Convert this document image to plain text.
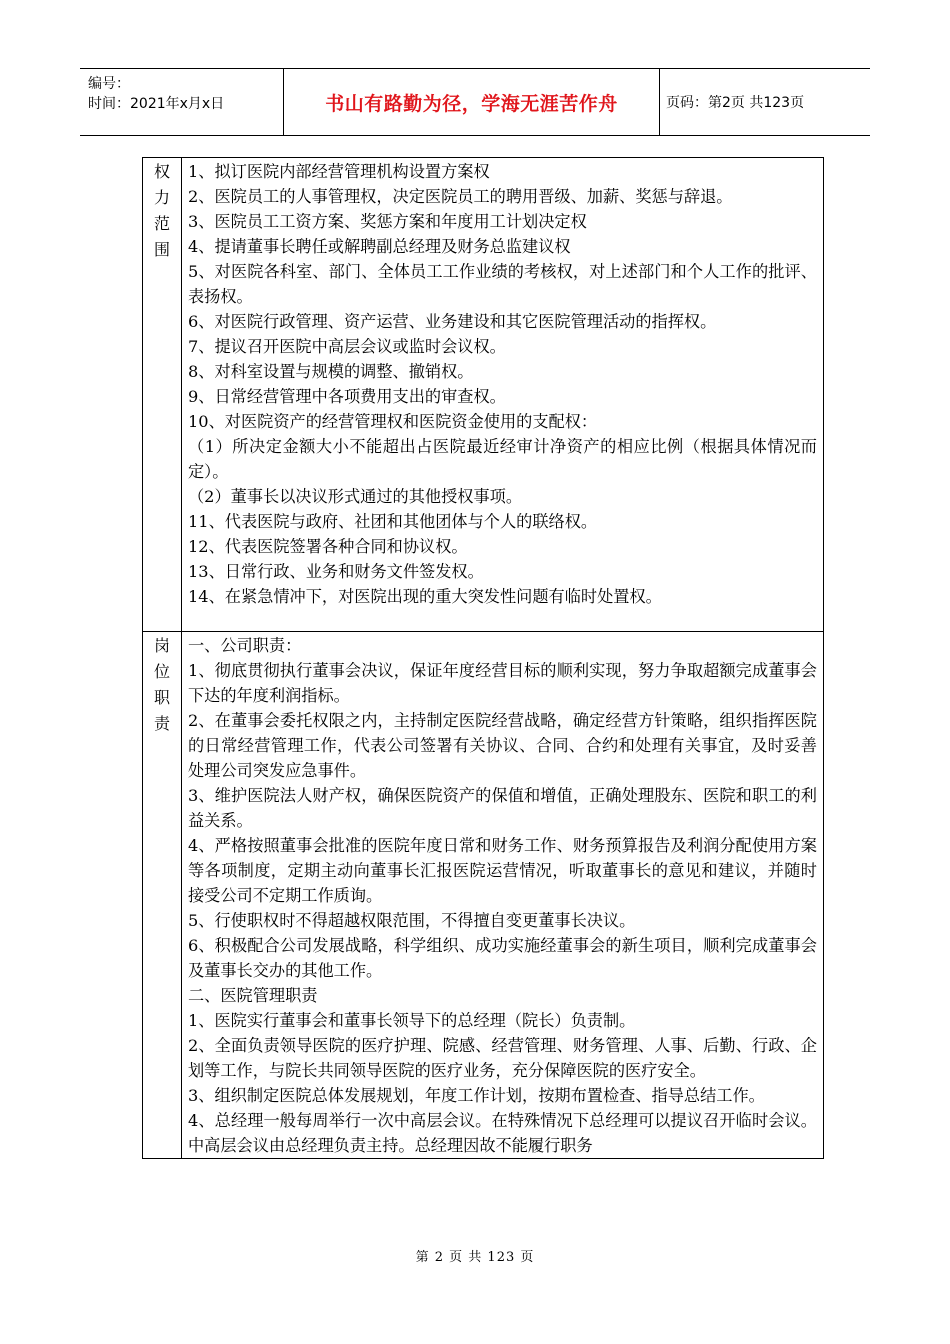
编号：
时间：2021年x月x日	书山有路勤为径，学海无涯苦作舟	页码：第2页 共123页
权
力
范
围

1、拟订医院内部经营管理机构设置方案权

2、医院员工的人事管理权，决定医院员工的聘用晋级、加薪、奖惩与辞退。

3、医院员工工资方案、奖惩方案和年度用工计划决定权

4、提请董事长聘任或解聘副总经理及财务总监建议权

5、对医院各科室、部门、全体员工工作业绩的考核权，对上述部门和个人工作的批评、表扬权。

6、对医院行政管理、资产运营、业务建设和其它医院管理活动的指挥权。

7、提议召开医院中高层会议或监时会议权。

8、对科室设置与规模的调整、撤销权。

9、日常经营管理中各项费用支出的审查权。

10、对医院资产的经营管理权和医院资金使用的支配权：

（1）所决定金额大小不能超出占医院最近经审计净资产的相应比例（根据具体情况而定）。

（2）董事长以决议形式通过的其他授权事项。

11、代表医院与政府、社团和其他团体与个人的联络权。

12、代表医院签署各种合同和协议权。

13、日常行政、业务和财务文件签发权。

14、在紧急情冲下，对医院出现的重大突发性问题有临时处置权。

岗
位
职
责

一、公司职责：

1、彻底贯彻执行董事会决议，保证年度经营目标的顺利实现，努力争取超额完成董事会下达的年度利润指标。

2、在董事会委托权限之内，主持制定医院经营战略，确定经营方针策略，组织指挥医院的日常经营管理工作，代表公司签署有关协议、合同、合约和处理有关事宜，及时妥善处理公司突发应急事件。

3、维护医院法人财产权，确保医院资产的保值和增值，正确处理股东、医院和职工的利益关系。

4、严格按照董事会批准的医院年度日常和财务工作、财务预算报告及利润分配使用方案等各项制度，定期主动向董事长汇报医院运营情况，听取董事长的意见和建议，并随时接受公司不定期工作质询。

5、行使职权时不得超越权限范围，不得擅自变更董事长决议。

6、积极配合公司发展战略，科学组织、成功实施经董事会的新生项目，顺利完成董事会及董事长交办的其他工作。

二、医院管理职责

1、医院实行董事会和董事长领导下的总经理（院长）负责制。

2、全面负责领导医院的医疗护理、院感、经营管理、财务管理、人事、后勤、行政、企划等工作，与院长共同领导医院的医疗业务，充分保障医院的医疗安全。

3、组织制定医院总体发展规划，年度工作计划，按期布置检查、指导总结工作。

4、总经理一般每周举行一次中高层会议。在特殊情况下总经理可以提议召开临时会议。中高层会议由总经理负责主持。总经理因故不能履行职务

第 2 页 共 123 页
